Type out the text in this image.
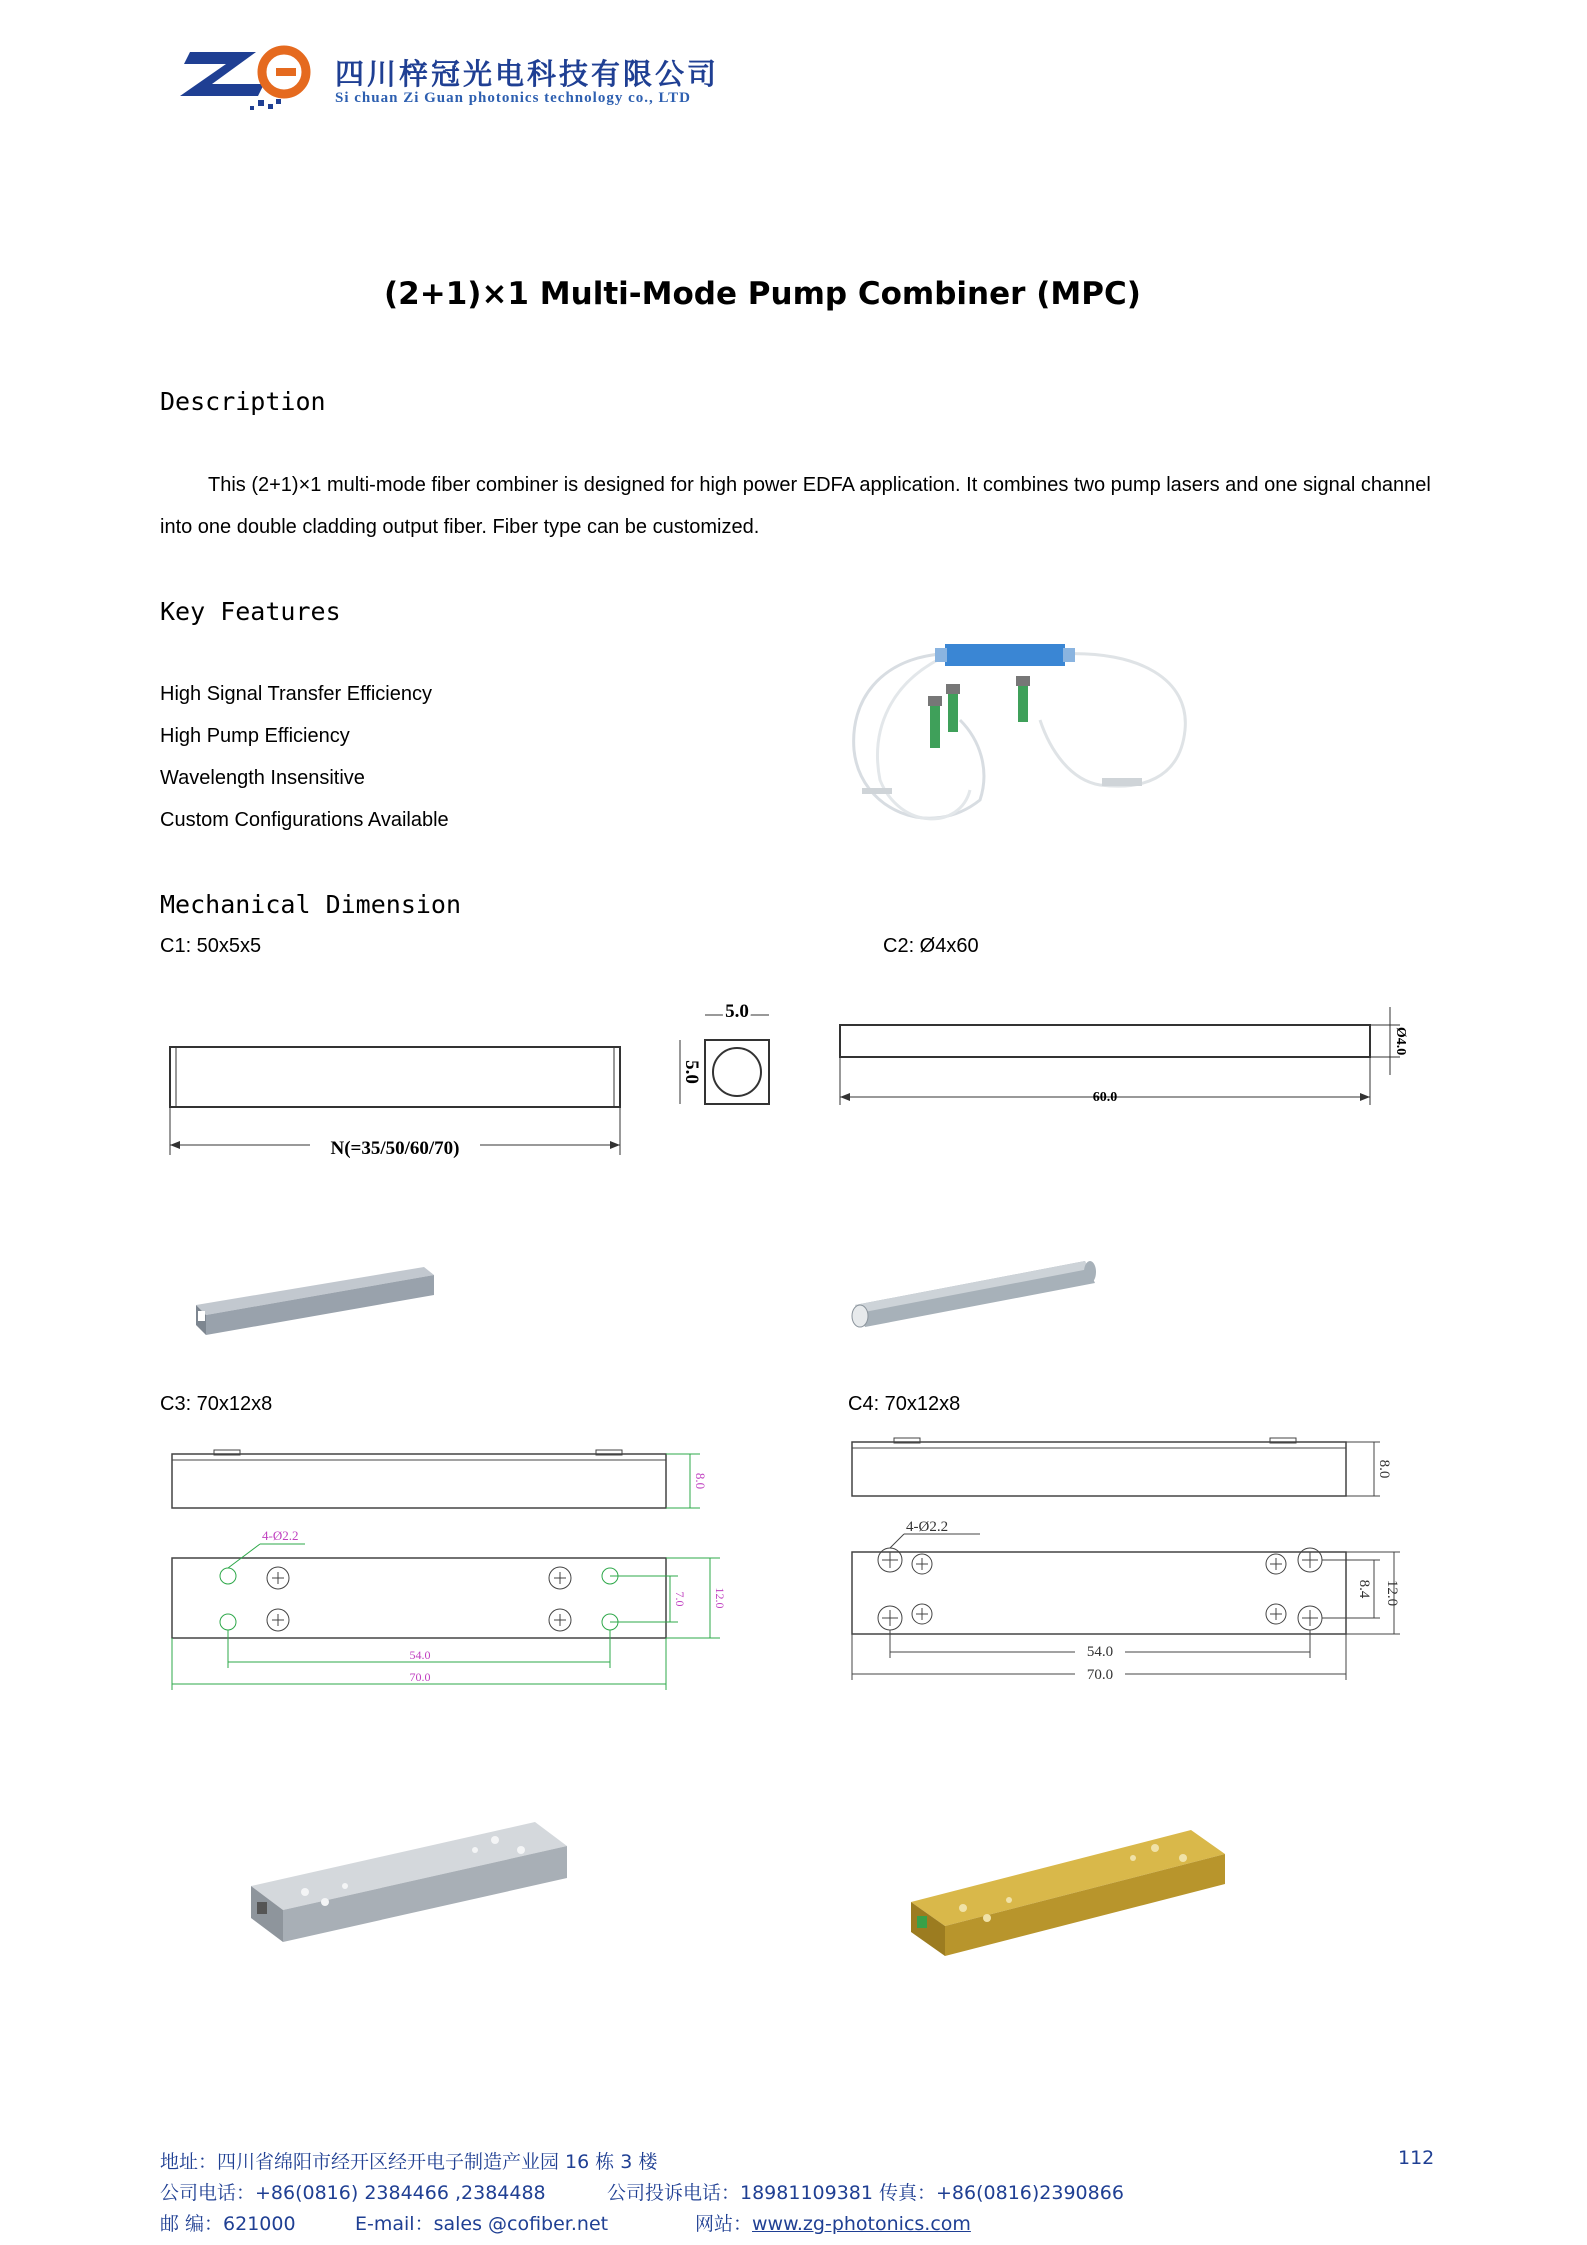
四川梓冠光电科技有限公司
Si chuan Zi Guan photonics technology co., LTD
(2+1)×1 Multi-Mode Pump Combiner (MPC)
Description
This (2+1)×1 multi-mode fiber combiner is designed for high power EDFA application. It combines two pump lasers and one signal channel into one double cladding output fiber. Fiber type can be customized.
Key Features
High Signal Transfer Efficiency
High Pump Efficiency
Wavelength Insensitive
Custom Configurations Available
Mechanical Dimension
C1: 50x5x5	C2: Ø4x60
N(=35/50/60/70)
5.0
5.0
60.0
Ø4.0
C3: 70x12x8	C4: 70x12x8
8.0
4-Ø2.2
7.0 12.0
54.0
70.0
8.0
4-Ø2.2
8.4 12.0
54.0
70.0
地址：四川省绵阳市经开区经开电子制造产业园 16 栋 3 楼	112
公司电话：+86(0816) 2384466 ,2384488	公司投诉电话：18981109381 传真：+86(0816)2390866
邮 编：621000	E-mail：sales @cofiber.net	网站：www.zg-photonics.com
